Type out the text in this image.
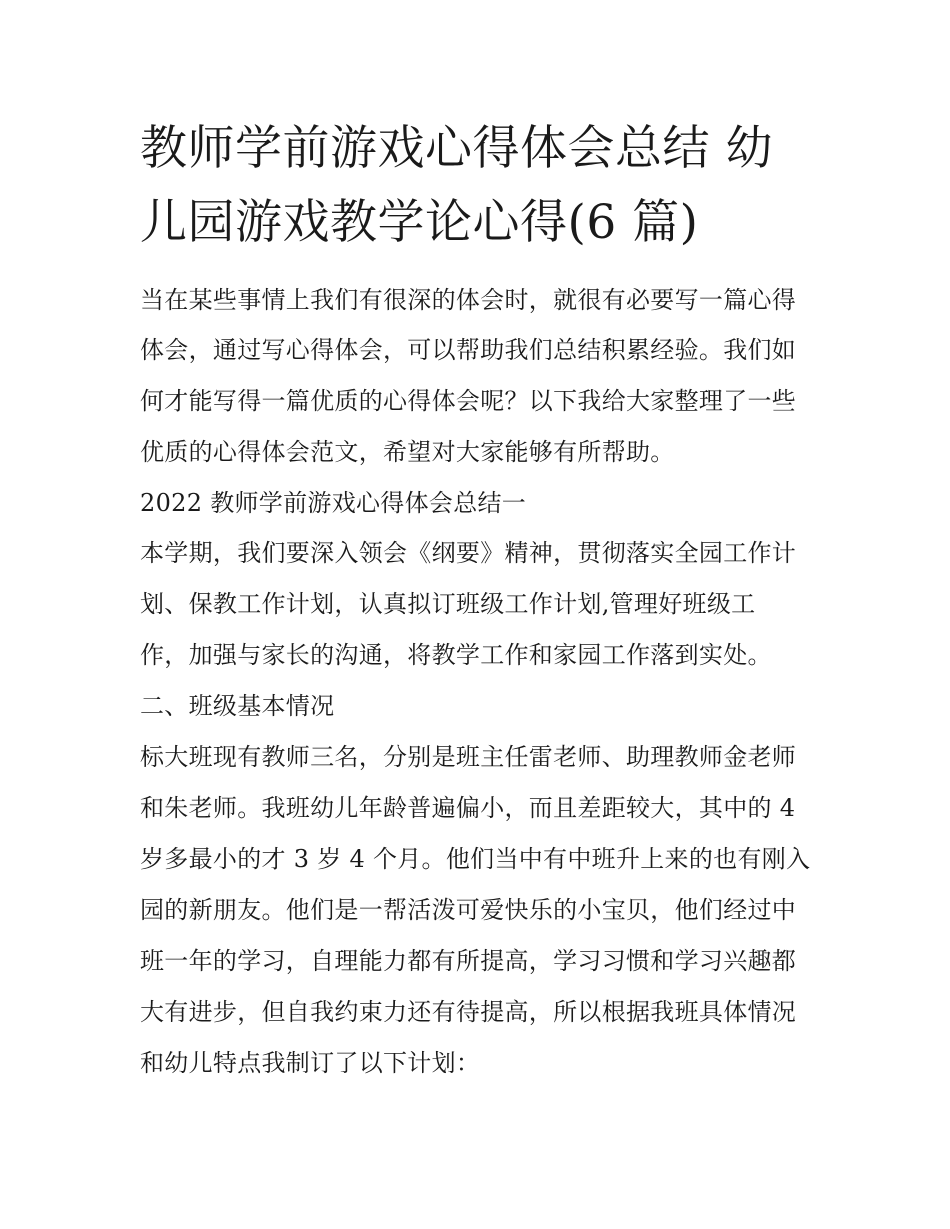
教师学前游戏心得体会总结 幼
儿园游戏教学论心得(6 篇)
当在某些事情上我们有很深的体会时，就很有必要写一篇心得
体会，通过写心得体会，可以帮助我们总结积累经验。我们如
何才能写得一篇优质的心得体会呢？以下我给大家整理了一些
优质的心得体会范文，希望对大家能够有所帮助。
2022 教师学前游戏心得体会总结一
本学期，我们要深入领会《纲要》精神，贯彻落实全园工作计
划、保教工作计划，认真拟订班级工作计划,管理好班级工
作，加强与家长的沟通，将教学工作和家园工作落到实处。
二、班级基本情况
标大班现有教师三名，分别是班主任雷老师、助理教师金老师
和朱老师。我班幼儿年龄普遍偏小，而且差距较大，其中的 4
岁多最小的才 3 岁 4 个月。他们当中有中班升上来的也有刚入
园的新朋友。他们是一帮活泼可爱快乐的小宝贝，他们经过中
班一年的学习，自理能力都有所提高，学习习惯和学习兴趣都
大有进步，但自我约束力还有待提高，所以根据我班具体情况
和幼儿特点我制订了以下计划：
